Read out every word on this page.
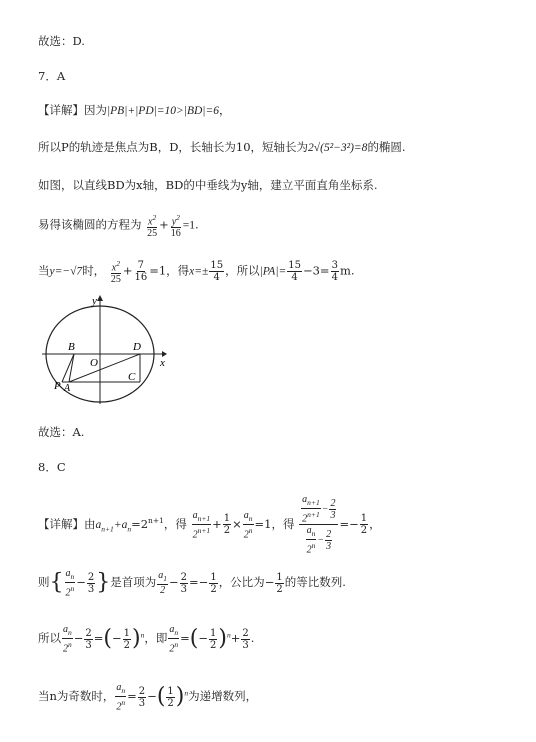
故选：D.
7．A
【详解】因为|PB|+|PD|=10>|BD|=6，
所以P的轨迹是焦点为B，D，长轴长为10，短轴长为2√(5²−3²)=8的椭圆.
如图，以直线BD为x轴，BD的中垂线为y轴，建立平面直角坐标系.
易得该椭圆的方程为 $\frac{x^2}{25} + \frac{y^2}{16} =1$.
当y=−√7时， $\frac{x^2}{25} + \frac{7}{16} =1$，得$x=\pm \frac{15}{4}$ ，所以$|PA|= \frac{15}{4} -3= \frac{3}{4} m$.
y
x
O
B	D
C
P A
故选：A.
8．C
【详解】由$a_{n+1}+a_n=2^{n+1}$，得 $\frac{a_{n+1}}{2^{n+1}} + \frac{1}{2} \times \frac{a_n}{2^n} =1$，得 $\frac{\frac{a_{n+1}}{2^{n+1}} - \frac{2}{3}}{\frac{a_n}{2^n} - \frac{2}{3}} =- \frac{1}{2}$ ，
则{ $\frac{a_n}{2^n} - \frac{2}{3}$ }是首项为 $\frac{a_1}{2} - \frac{2}{3} =- \frac{1}{2}$ ，公比为− $\frac{1}{2}$ 的等比数列.
所以 $\frac{a_n}{2^n} - \frac{2}{3}$ =(− $\frac{1}{2} )^n$，即 $\frac{a_n}{2^n}$ =(− $\frac{1}{2} )^n+ \frac{2}{3}$ .
当n为奇数时， $\frac{a_n}{2^n} = \frac{2}{3}$ −( $\frac{1}{2} )^n$为递增数列，
